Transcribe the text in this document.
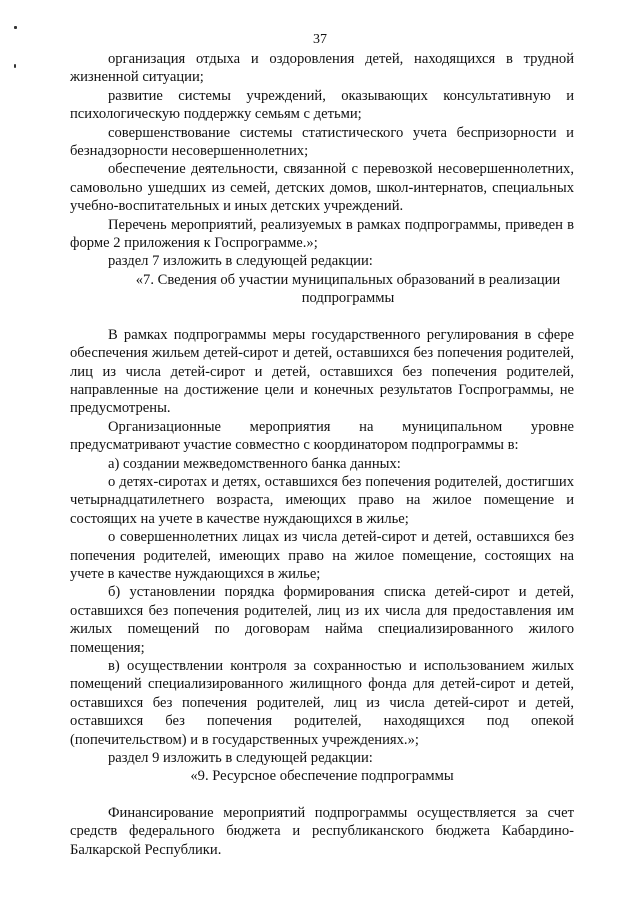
37

организация отдыха и оздоровления детей, находящихся в трудной жизненной ситуации;

развитие системы учреждений, оказывающих консультативную и психологическую поддержку семьям с детьми;

совершенствование системы статистического учета беспризорности и безнадзорности несовершеннолетних;

обеспечение деятельности, связанной с перевозкой несовершеннолетних, самовольно ушедших из семей, детских домов, школ-интернатов, специальных учебно-воспитательных и иных детских учреждений.

Перечень мероприятий, реализуемых в рамках подпрограммы, приведен в форме 2 приложения к Госпрограмме.»;

раздел 7 изложить в следующей редакции:

«7. Сведения об участии муниципальных образований в реализации подпрограммы

В рамках подпрограммы меры государственного регулирования в сфере обеспечения жильем детей-сирот и детей, оставшихся без попечения родителей, лиц из числа детей-сирот и детей, оставшихся без попечения родителей, направленные на достижение цели и конечных результатов Госпрограммы, не предусмотрены.

Организационные мероприятия на муниципальном уровне предусматривают участие совместно с координатором подпрограммы в:

а) создании межведомственного банка данных:

о детях-сиротах и детях, оставшихся без попечения родителей, достигших четырнадцатилетнего возраста, имеющих право на жилое помещение и состоящих на учете в качестве нуждающихся в жилье;

о совершеннолетних лицах из числа детей-сирот и детей, оставшихся без попечения родителей, имеющих право на жилое помещение, состоящих на учете в качестве нуждающихся в жилье;

б) установлении порядка формирования списка детей-сирот и детей, оставшихся без попечения родителей, лиц из их числа для предоставления им жилых помещений по договорам найма специализированного жилого помещения;

в) осуществлении контроля за сохранностью и использованием жилых помещений специализированного жилищного фонда для детей-сирот и детей, оставшихся без попечения родителей, лиц из числа детей-сирот и детей, оставшихся без попечения родителей, находящихся под опекой (попечительством) и в государственных учреждениях.»;

раздел 9 изложить в следующей редакции:

«9. Ресурсное обеспечение подпрограммы

Финансирование мероприятий подпрограммы осуществляется за счет средств федерального бюджета и республиканского бюджета Кабардино-Балкарской Республики.
